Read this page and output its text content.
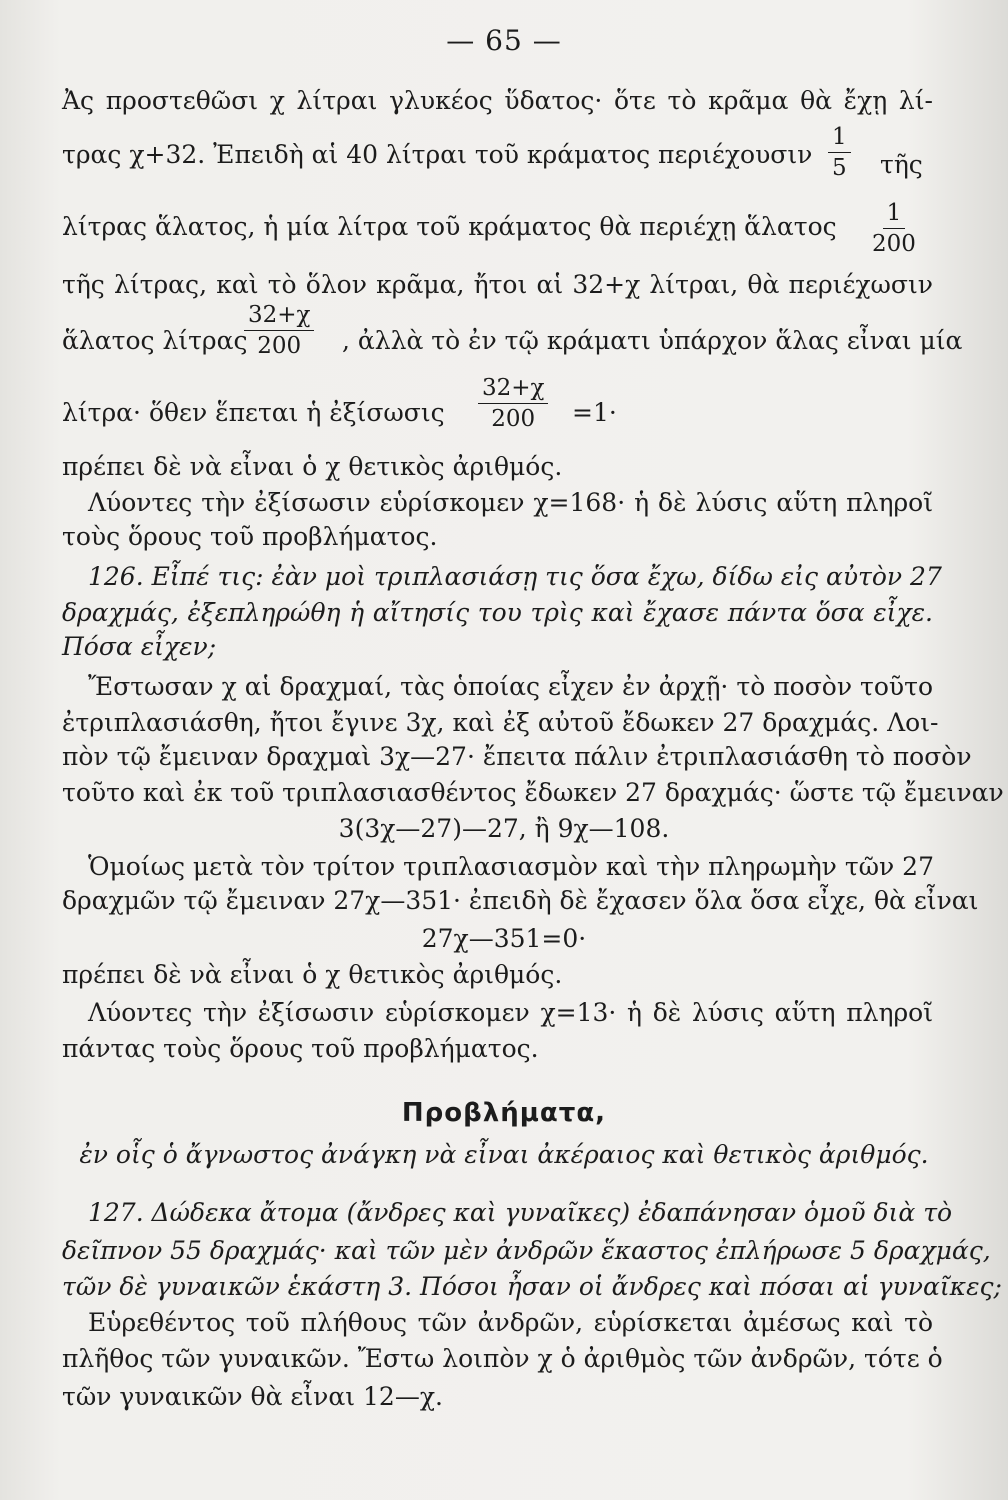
— 65 —
Ἀς προστεθῶσι χ λίτραι γλυκέος ὕδατος· ὅτε τὸ κρᾶμα θὰ ἔχῃ λί-
τρας χ+32. Ἐπειδὴ αἱ 40 λίτραι τοῦ κράματος περιέχουσιν $\frac{1}{5}$ τῆς
λίτρας ἅλατος, ἡ μία λίτρα τοῦ κράματος θὰ περιέχῃ ἅλατος	$\frac{1}{200}$
τῆς λίτρας, καὶ τὸ ὅλον κρᾶμα, ἤτοι αἱ 32+χ λίτραι, θὰ περιέχωσιν
ἅλατος λίτρας
$\frac{32+\chi}{200}$ , ἀλλὰ τὸ ἐν τῷ κράματι ὑπάρχον ἅλας εἶναι μία
λίτρα· ὅθεν ἕπεται ἡ ἐξίσωσις $\frac{32+\chi}{200} =1\cdot$
πρέπει δὲ νὰ εἶναι ὁ χ θετικὸς ἀριθμός.
Λύοντες τὴν ἐξίσωσιν εὑρίσκομεν χ=168· ἡ δὲ λύσις αὕτη πληροῖ
τοὺς ὅρους τοῦ προβλήματος.
126. Εἶπέ τις: ἐὰν μοὶ τριπλασιάσῃ τις ὅσα ἔχω, δίδω εἰς αὐτὸν 27
δραχμάς, ἐξεπληρώθη ἡ αἴτησίς του τρὶς καὶ ἔχασε πάντα ὅσα εἶχε.
Πόσα εἶχεν;
Ἔστωσαν χ αἱ δραχμαί, τὰς ὁποίας εἶχεν ἐν ἀρχῇ· τὸ ποσὸν τοῦτο
ἐτριπλασιάσθη, ἤτοι ἔγινε 3χ, καὶ ἐξ αὐτοῦ ἔδωκεν 27 δραχμάς. Λοι-
πὸν τῷ ἔμειναν δραχμαὶ 3χ—27· ἔπειτα πάλιν ἐτριπλασιάσθη τὸ ποσὸν
τοῦτο καὶ ἐκ τοῦ τριπλασιασθέντος ἔδωκεν 27 δραχμάς· ὥστε τῷ ἔμειναν
3(3χ—27)—27, ἢ 9χ—108.
Ὁμοίως μετὰ τὸν τρίτον τριπλασιασμὸν καὶ τὴν πληρωμὴν τῶν 27
δραχμῶν τῷ ἔμειναν 27χ—351· ἐπειδὴ δὲ ἔχασεν ὅλα ὅσα εἶχε, θὰ εἶναι
27χ—351=0·
πρέπει δὲ νὰ εἶναι ὁ χ θετικὸς ἀριθμός.
Λύοντες τὴν ἐξίσωσιν εὑρίσκομεν χ=13· ἡ δὲ λύσις αὕτη πληροῖ
πάντας τοὺς ὅρους τοῦ προβλήματος.
Προβλήματα,
ἐν οἷς ὁ ἄγνωστος ἀνάγκη νὰ εἶναι ἀκέραιος καὶ θετικὸς ἀριθμός.
127. Δώδεκα ἄτομα (ἄνδρες καὶ γυναῖκες) ἐδαπάνησαν ὁμοῦ διὰ τὸ
δεῖπνον 55 δραχμάς· καὶ τῶν μὲν ἀνδρῶν ἕκαστος ἐπλήρωσε 5 δραχμάς,
τῶν δὲ γυναικῶν ἑκάστη 3. Πόσοι ἦσαν οἱ ἄνδρες καὶ πόσαι αἱ γυναῖκες;
Εὑρεθέντος τοῦ πλήθους τῶν ἀνδρῶν, εὑρίσκεται ἀμέσως καὶ τὸ
πλῆθος τῶν γυναικῶν. Ἔστω λοιπὸν χ ὁ ἀριθμὸς τῶν ἀνδρῶν, τότε ὁ
τῶν γυναικῶν θὰ εἶναι 12—χ.
